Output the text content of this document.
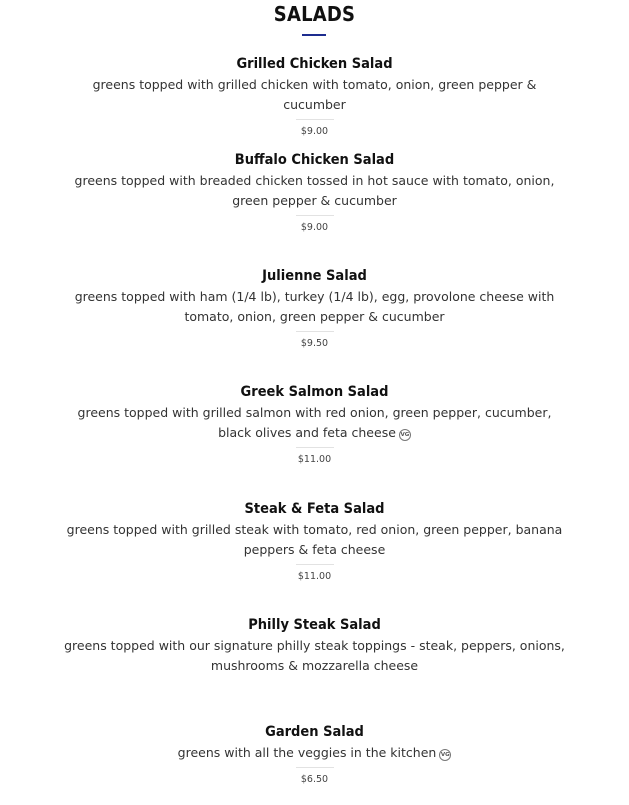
SALADS
Grilled Chicken Salad
greens topped with grilled chicken with tomato, onion, green pepper & cucumber
$9.00
Buffalo Chicken Salad
greens topped with breaded chicken tossed in hot sauce with tomato, onion, green pepper & cucumber
$9.00
Julienne Salad
greens topped with ham (1/4 lb), turkey (1/4 lb), egg, provolone cheese with tomato, onion, green pepper & cucumber
$9.50
Greek Salmon Salad
greens topped with grilled salmon with red onion, green pepper, cucumber, black olives and feta cheese VG
$11.00
Steak & Feta Salad
greens topped with grilled steak with tomato, red onion, green pepper, banana peppers & feta cheese
$11.00
Philly Steak Salad
greens topped with our signature philly steak toppings - steak, peppers, onions, mushrooms & mozzarella cheese
Garden Salad
greens with all the veggies in the kitchen VG
$6.50
